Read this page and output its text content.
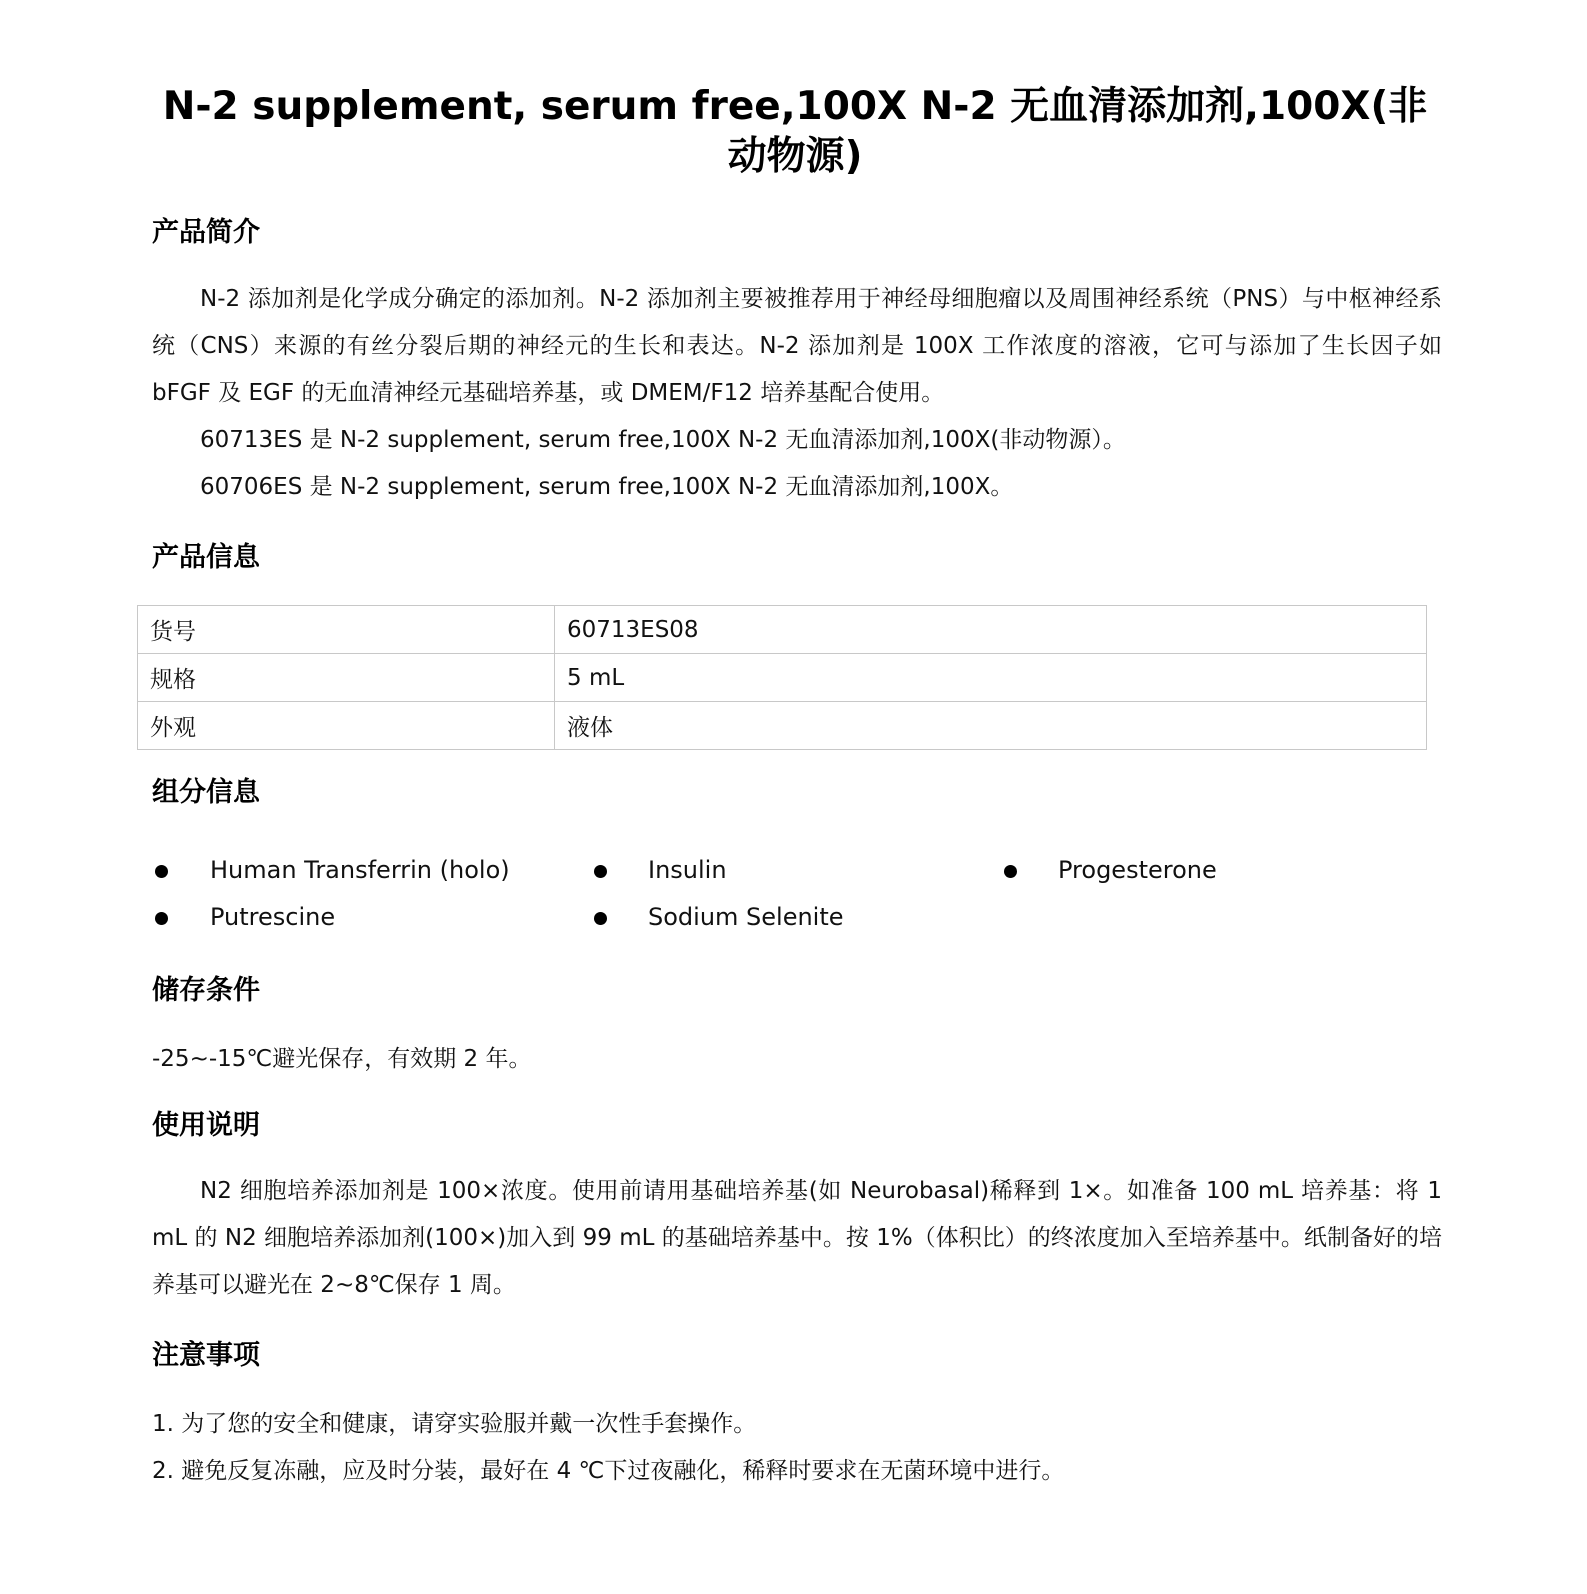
N-2 supplement, serum free,100X N-2 无血清添加剂,100X(非动物源)
产品简介

N-2 添加剂是化学成分确定的添加剂。N-2 添加剂主要被推荐用于神经母细胞瘤以及周围神经系统（PNS）与中枢神经系统（CNS）来源的有丝分裂后期的神经元的生长和表达。N-2 添加剂是 100X 工作浓度的溶液，它可与添加了生长因子如 bFGF 及 EGF 的无血清神经元基础培养基，或 DMEM/F12 培养基配合使用。

60713ES 是 N-2 supplement, serum free,100X N-2 无血清添加剂,100X(非动物源）。

60706ES 是 N-2 supplement, serum free,100X N-2 无血清添加剂,100X。

产品信息
货号	60713ES08
规格	5 mL
外观	液体
组分信息
Human Transferrin (holo)	Insulin	Progesterone
Putrescine	Sodium Selenite
储存条件
-25~-15℃避光保存，有效期 2 年。
使用说明

N2 细胞培养添加剂是 100×浓度。使用前请用基础培养基(如 Neurobasal)稀释到 1×。如准备 100 mL 培养基：将 1 mL 的 N2 细胞培养添加剂(100×)加入到 99 mL 的基础培养基中。按 1%（体积比）的终浓度加入至培养基中。纸制备好的培养基可以避光在 2~8℃保存 1 周。

注意事项
1. 为了您的安全和健康，请穿实验服并戴一次性手套操作。
2. 避免反复冻融，应及时分装，最好在 4 ℃下过夜融化，稀释时要求在无菌环境中进行。
